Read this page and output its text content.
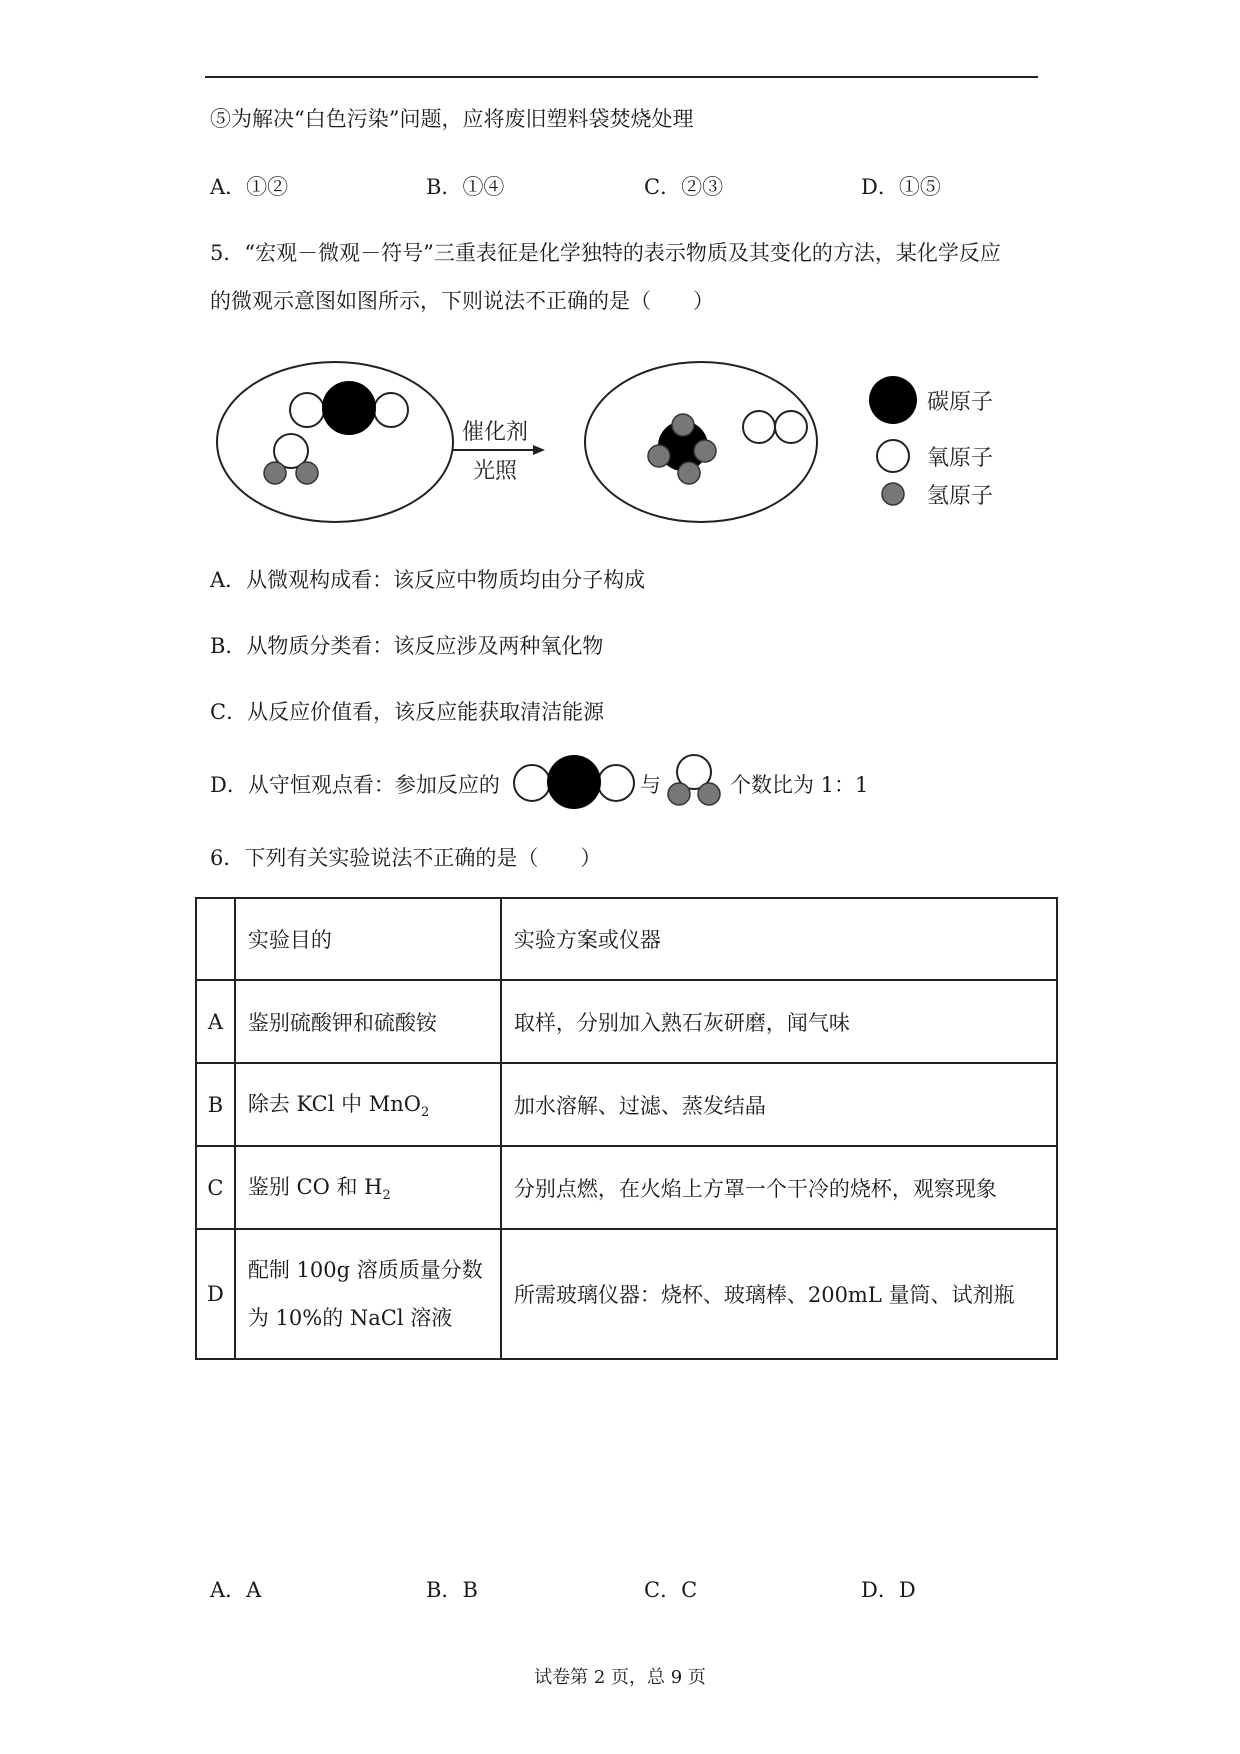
⑤为解决“白色污染”问题，应将废旧塑料袋焚烧处理
A．①②	B．①④	C．②③	D．①⑤
5．“宏观－微观－符号”三重表征是化学独特的表示物质及其变化的方法，某化学反应
的微观示意图如图所示，下则说法不正确的是（　　）
催化剂
光照
碳原子
氧原子
氢原子
A．从微观构成看：该反应中物质均由分子构成
B．从物质分类看：该反应涉及两种氧化物
C．从反应价值看，该反应能获取清洁能源
D．从守恒观点看：参加反应的	与	个数比为 1：1
6．下列有关实验说法不正确的是（　　）
	实验目的	实验方案或仪器
A	鉴别硫酸钾和硫酸铵	取样，分别加入熟石灰研磨，闻气味
B	除去 KCl 中 MnO$_2$	加水溶解、过滤、蒸发结晶
C	鉴别 CO 和 $H_2$	分别点燃，在火焰上方罩一个干冷的烧杯，观察现象
D	配制 100g 溶质质量分数
为 10%的 NaCl 溶液	所需玻璃仪器：烧杯、玻璃棒、200mL 量筒、试剂瓶
A．A	B．B	C．C	D．D
试卷第 2 页，总 9 页
